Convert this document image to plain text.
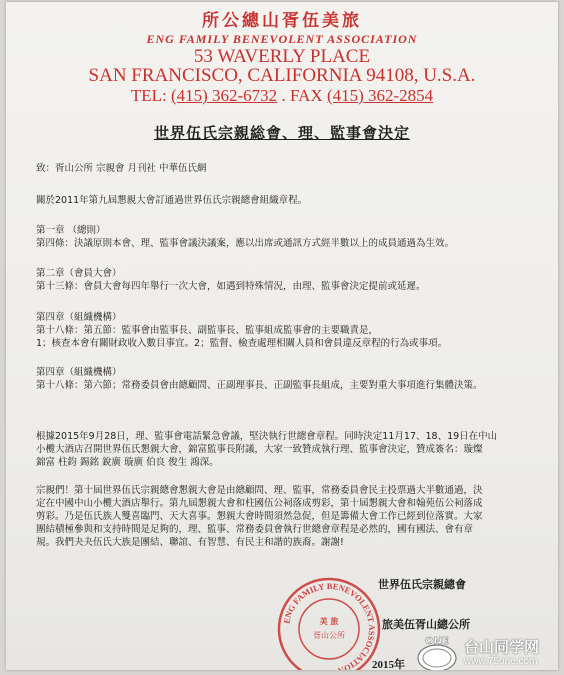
所公總山胥伍美旅
ENG FAMILY BENEVOLENT ASSOCIATION
53 WAVERLY PLACE
SAN FRANCISCO, CALIFORNIA 94108, U.S.A.
TEL: (415) 362-6732 . FAX (415) 362-2854
世界伍氏宗親総會、理、監事會決定
致：胥山公所 宗親會 月刊社 中華伍氏網
關於2011年第九屆懇親大會訂通過世界伍氏宗親總會組織章程。

第一章 （總則）

第四條：決議原則本會、理、監事會議決議案，應以出席或通訊方式經半數以上的成員通過為生效。

第二章（會員大會）

第十三條：會員大會每四年舉行一次大會，如遇到特殊情況，由理、監事會決定提前或延遲。

第四章（組織機構）

第十八條：第五節：監事會由監事長、副監事長、監事組成監事會的主要職責是，

1；核查本會有關財政收入數目事宜。2；監督、檢查處理相關人員和會員違反章程的行為或事項。

第四章（組織機構）

第十八條：第六節；常務委員會由總顧問、正副理事長、正副監事長組成，主要對重大事項進行集體決策。

根據2015年9月28日，理、監事會電話緊急會議，堅決執行世總會章程。同時決定11月17、18、19日在中山

小欖大酒店召開世界伍氏懇親大會，錦富監事長附議，大家一致贊成執行理、監事會決定，贊成簽名：璇燦

錦富 柱鈞 錫銘 銳廣 璇廣 伯良 俊生 鴻深。

宗親們！第十屆世界伍氏宗親總會懇親大會是由總顧問、理、監事，常務委員會民主投票過大半數通過，決

定在中國中山小欖大酒店舉行。第九屆懇親大會和柱國伍公祠落成剪彩，第十屆懇親大會和翰苑伍公祠落成

剪彩。乃是伍氏族人雙喜臨門、天大喜事。懇親大會時間須然急促，但是籌備大會工作已經到位落實。大家

團結積極參與和支持時間是足夠的，理、監事、常務委員會執行世總會章程是必然的，國有國法、會有章

規。我們夬夬伍氏大族是團結、聯誼、有智慧、有民主和諧的族裔。謝謝!

世界伍氏宗親總會
旅美伍胥山總公所
2015年
ENG FAMILY BENEVOLENT ASSOCIATION
美 旅
胥山公所
ONE 台山同学网
www.75one.com
